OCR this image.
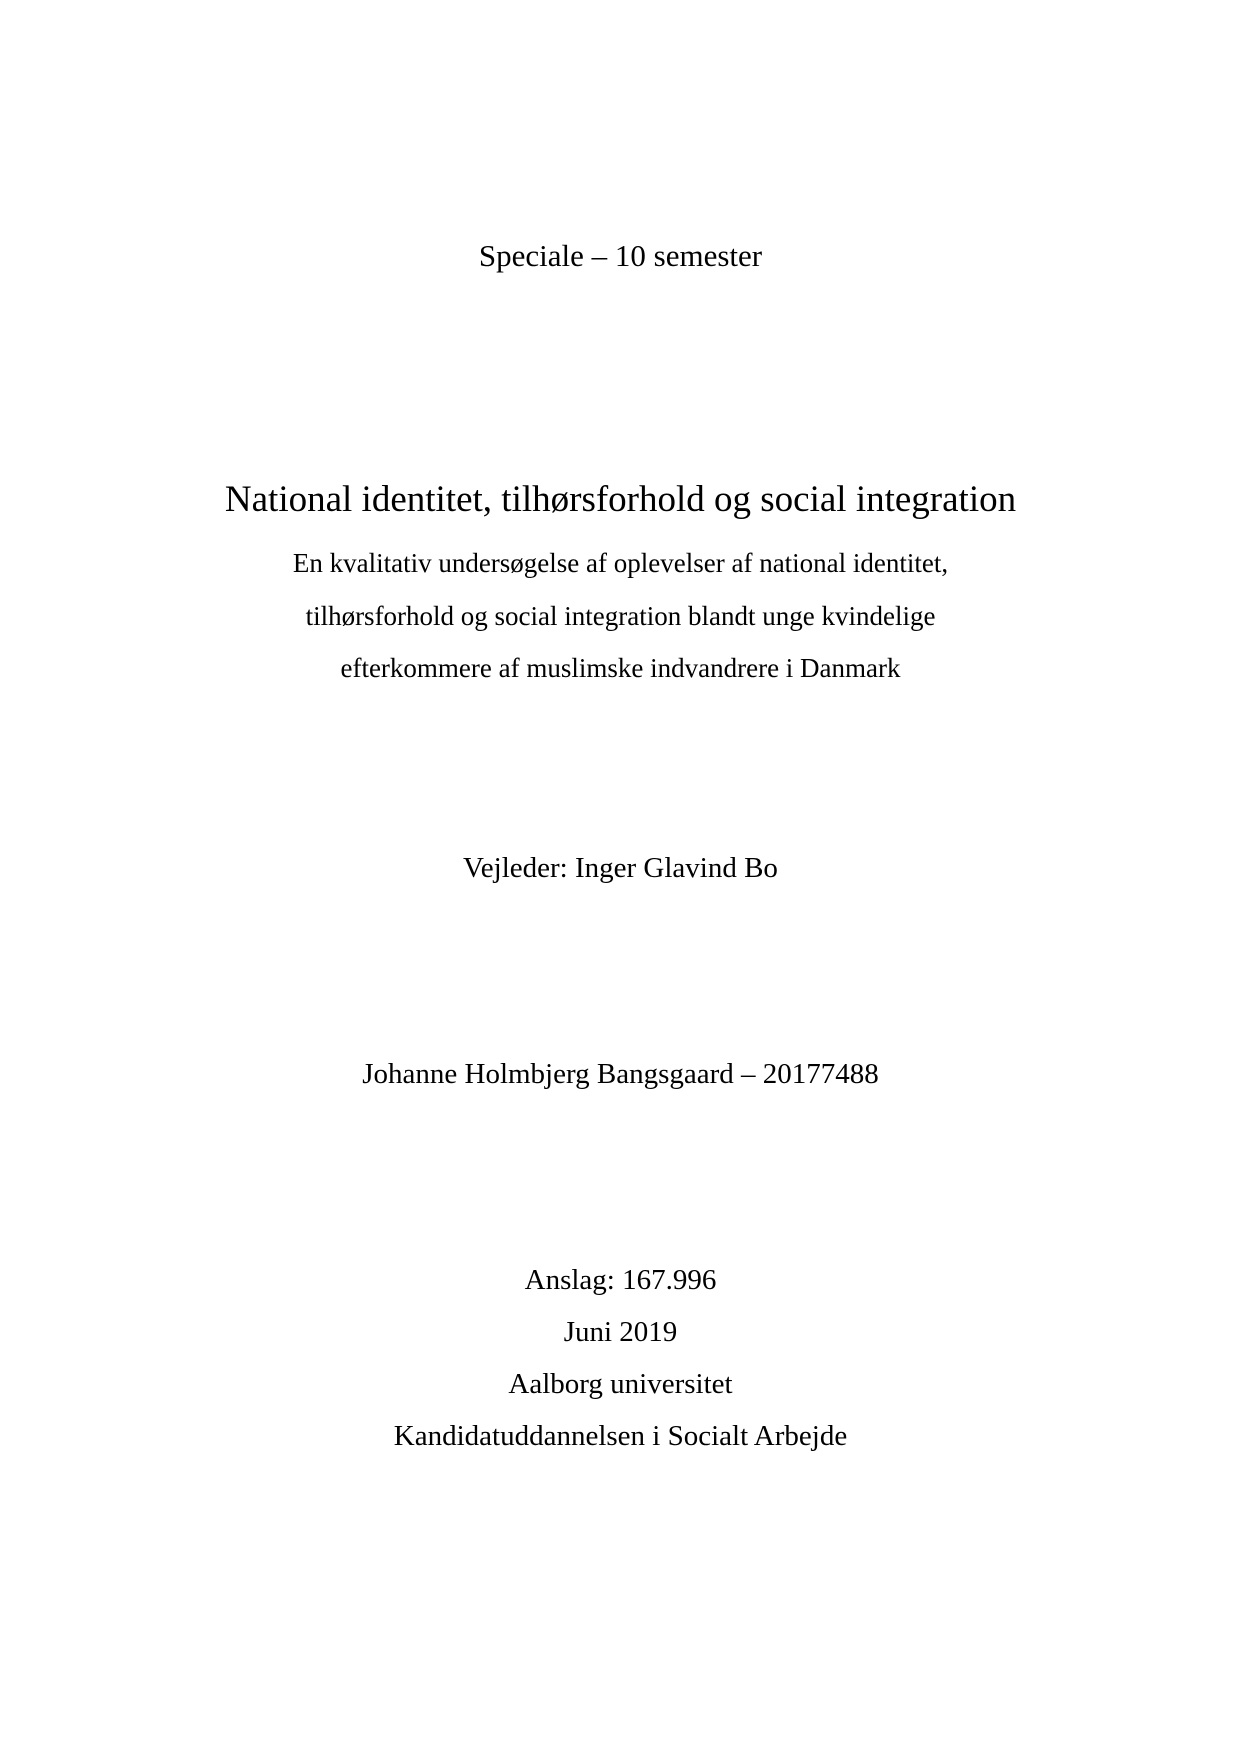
Speciale – 10 semester
National identitet, tilhørsforhold og social integration
En kvalitativ undersøgelse af oplevelser af national identitet,
tilhørsforhold og social integration blandt unge kvindelige
efterkommere af muslimske indvandrere i Danmark
Vejleder: Inger Glavind Bo
Johanne Holmbjerg Bangsgaard – 20177488
Anslag: 167.996
Juni 2019
Aalborg universitet
Kandidatuddannelsen i Socialt Arbejde
